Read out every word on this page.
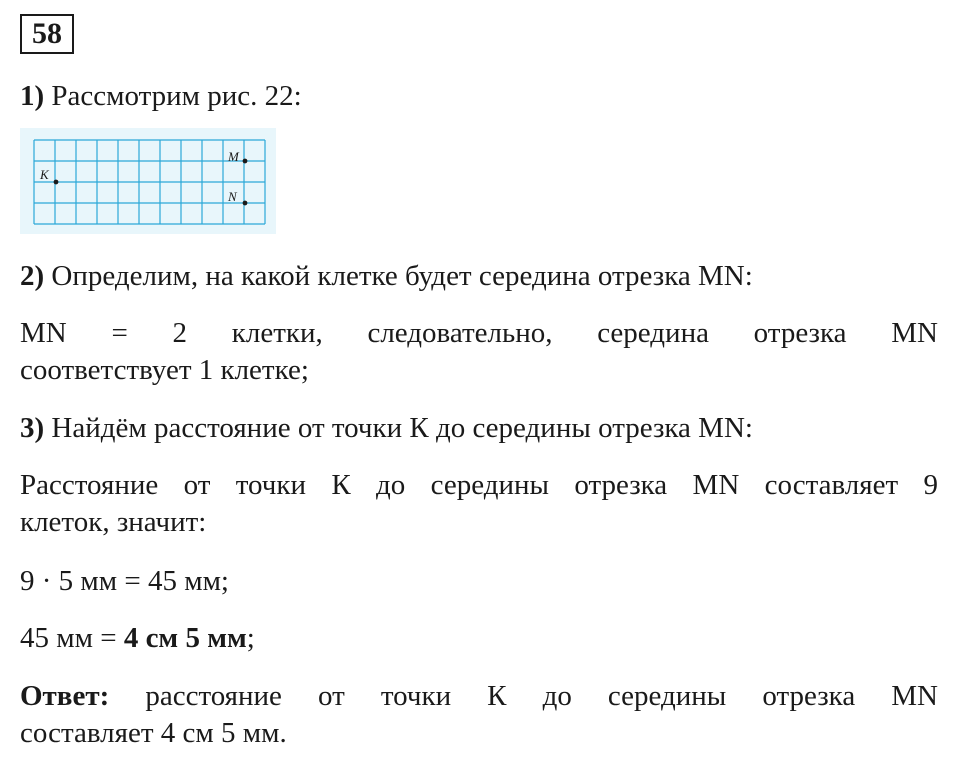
58
1) Рассмотрим рис. 22:
K
M
N
2) Определим, на какой клетке будет середина отрезка MN:
MN = 2 клетки, следовательно, середина отрезка MN
соответствует 1 клетке;
3) Найдём расстояние от точки К до середины отрезка MN:
Расстояние от точки К до середины отрезка MN составляет 9
клеток, значит:
9 · 5 мм = 45 мм;
45 мм = 4 см 5 мм;
Ответ: расстояние от точки К до середины отрезка MN
составляет 4 см 5 мм.
